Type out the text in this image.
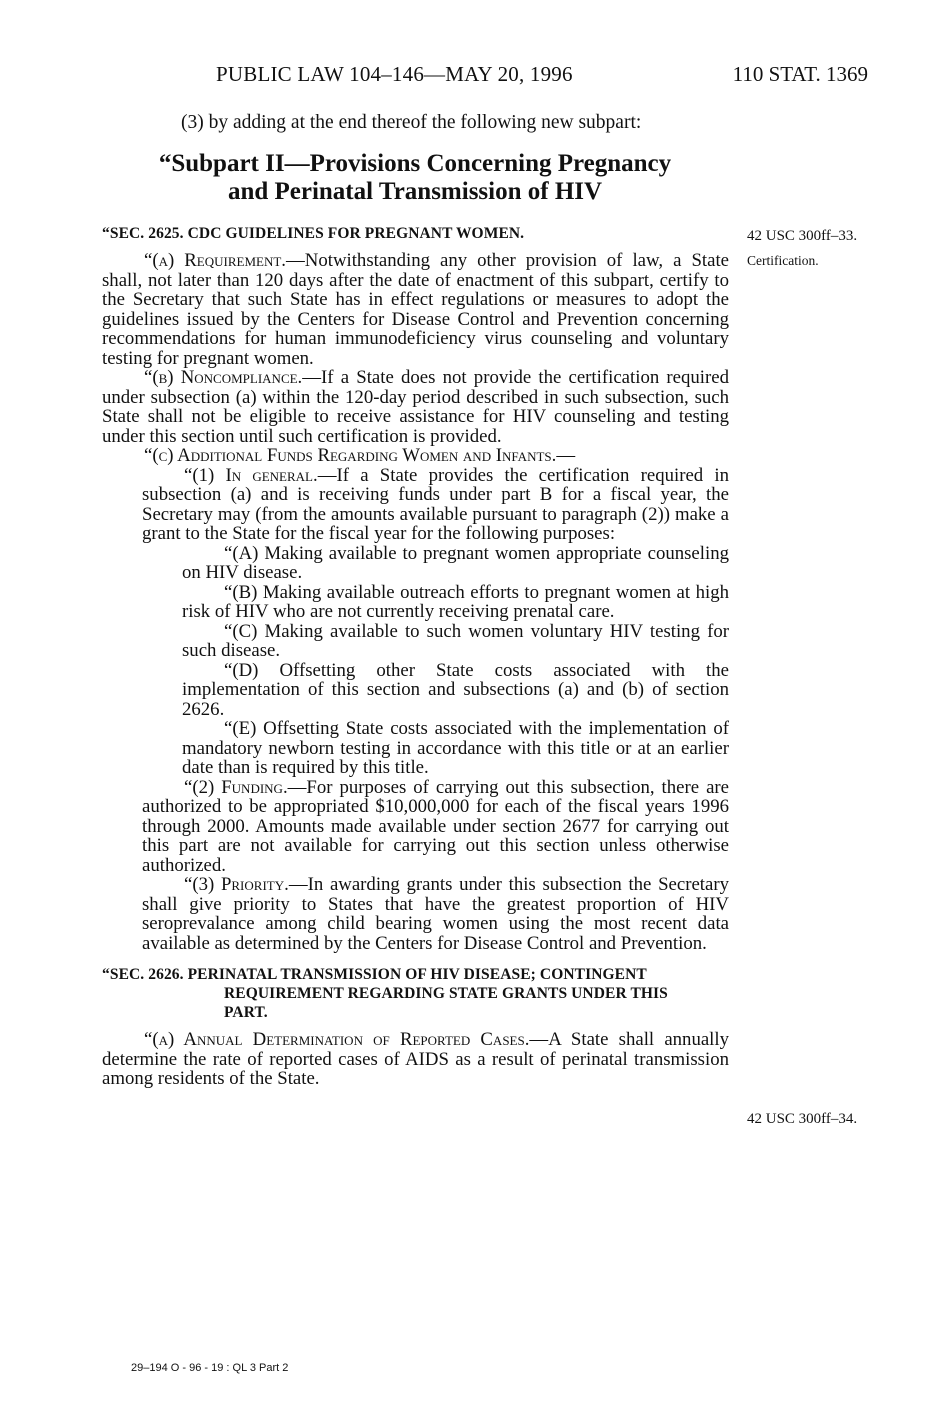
PUBLIC LAW 104–146—MAY 20, 1996	110 STAT. 1369
(3) by adding at the end thereof the following new subpart:
“Subpart II—Provisions Concerning Pregnancy
and Perinatal Transmission of HIV

“SEC. 2625. CDC GUIDELINES FOR PREGNANT WOMEN.

“(a) Requirement.—Notwithstanding any other provision of law, a State shall, not later than 120 days after the date of enactment of this subpart, certify to the Secretary that such State has in effect regulations or measures to adopt the guidelines issued by the Centers for Disease Control and Prevention concerning recommendations for human immunodeficiency virus counseling and voluntary testing for pregnant women.

“(b) Noncompliance.—If a State does not provide the certification required under subsection (a) within the 120-day period described in such subsection, such State shall not be eligible to receive assistance for HIV counseling and testing under this section until such certification is provided.

“(c) Additional Funds Regarding Women and Infants.—

“(1) In general.—If a State provides the certification required in subsection (a) and is receiving funds under part B for a fiscal year, the Secretary may (from the amounts available pursuant to paragraph (2)) make a grant to the State for the fiscal year for the following purposes:

“(A) Making available to pregnant women appropriate counseling on HIV disease.

“(B) Making available outreach efforts to pregnant women at high risk of HIV who are not currently receiving prenatal care.

“(C) Making available to such women voluntary HIV testing for such disease.

“(D) Offsetting other State costs associated with the implementation of this section and subsections (a) and (b) of section 2626.

“(E) Offsetting State costs associated with the implementation of mandatory newborn testing in accordance with this title or at an earlier date than is required by this title.

“(2) Funding.—For purposes of carrying out this subsection, there are authorized to be appropriated $10,000,000 for each of the fiscal years 1996 through 2000. Amounts made available under section 2677 for carrying out this part are not available for carrying out this section unless otherwise authorized.

“(3) Priority.—In awarding grants under this subsection the Secretary shall give priority to States that have the greatest proportion of HIV seroprevalance among child bearing women using the most recent data available as determined by the Centers for Disease Control and Prevention.

“SEC. 2626. PERINATAL TRANSMISSION OF HIV DISEASE; CONTINGENT
REQUIREMENT REGARDING STATE GRANTS UNDER THIS
PART.

“(a) Annual Determination of Reported Cases.—A State shall annually determine the rate of reported cases of AIDS as a result of perinatal transmission among residents of the State.

42 USC 300ff–33.
Certification.
42 USC 300ff–34.
29–194 O - 96 - 19 : QL 3 Part 2
